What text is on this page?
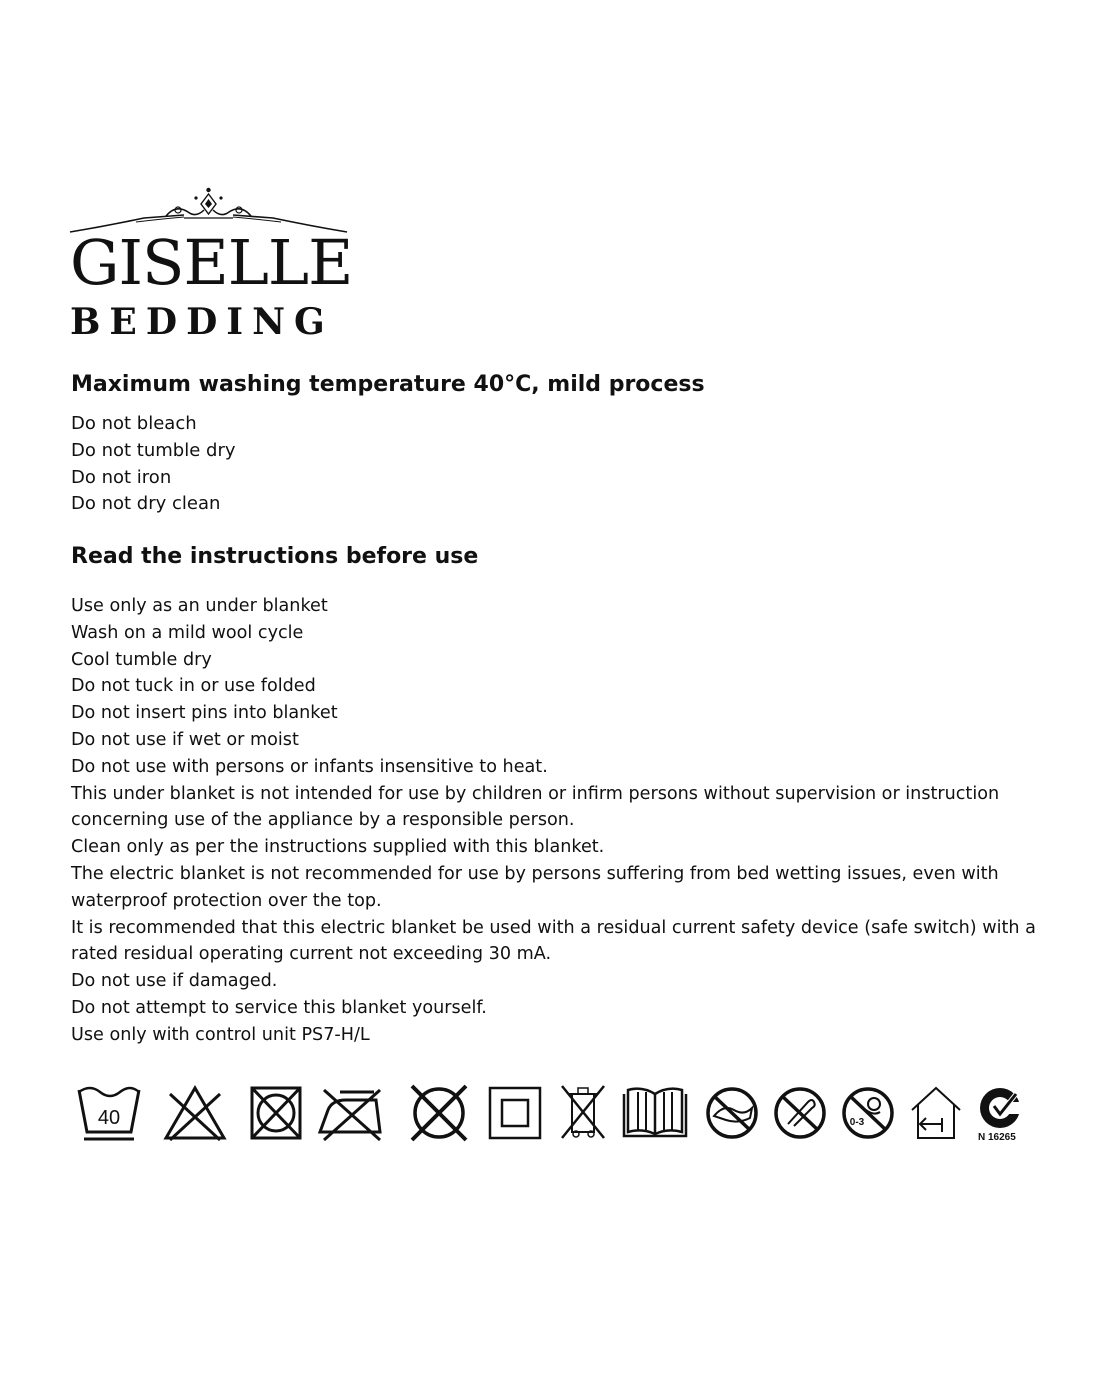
GISELLE
BEDDING
Maximum washing temperature 40°C, mild process
Do not bleach
Do not tumble dry
Do not iron
Do not dry clean
Read the instructions before use
Use only as an under blanket
Wash on a mild wool cycle
Cool tumble dry
Do not tuck in or use folded
Do not insert pins into blanket
Do not use if wet or moist
Do not use with persons or infants insensitive to heat.
This under blanket is not intended for use by children or infirm persons without supervision or instruction concerning use of the appliance by a responsible person.
Clean only as per the instructions supplied with this blanket.
The electric blanket is not recommended for use by persons suffering from bed wetting issues, even with waterproof protection over the top.
It is recommended that this electric blanket be used with a residual current safety device (safe switch) with a rated residual operating current not exceeding 30 mA.
Do not use if damaged.
Do not attempt to service this blanket yourself.
Use only with control unit PS7-H/L
40	0-3
N 16265
